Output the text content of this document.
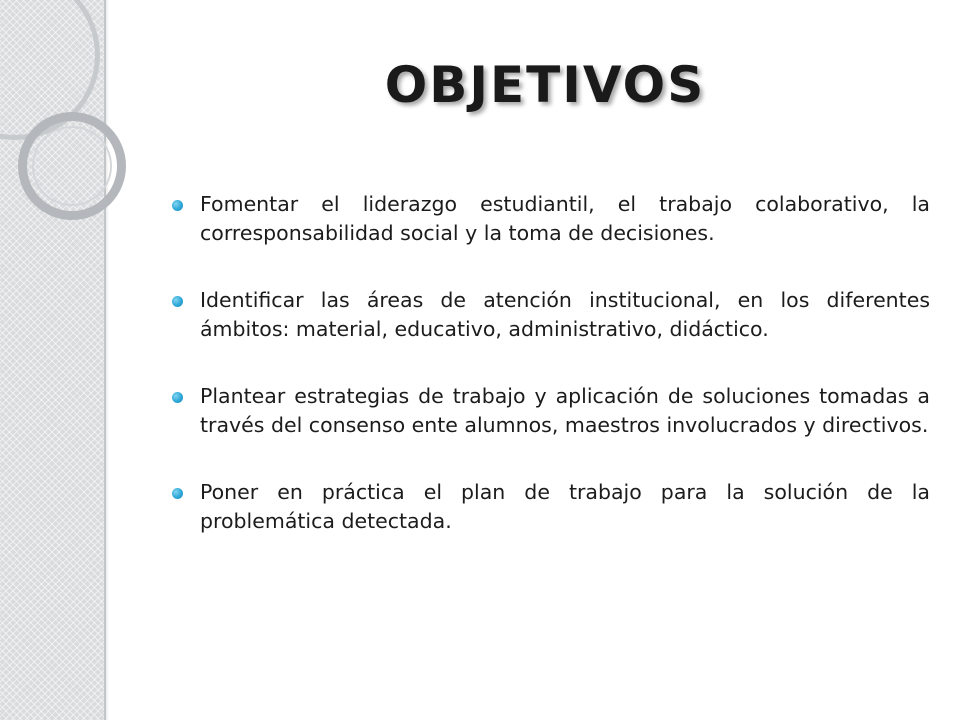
OBJETIVOS
Fomentar el liderazgo estudiantil, el trabajo colaborativo, la corresponsabilidad social y la toma de decisiones.
Identificar las áreas de atención institucional, en los diferentes ámbitos: material, educativo, administrativo, didáctico.
Plantear estrategias de trabajo y aplicación de soluciones tomadas a través del consenso ente alumnos, maestros involucrados y directivos.
Poner en práctica el plan de trabajo para la solución de la problemática detectada.
